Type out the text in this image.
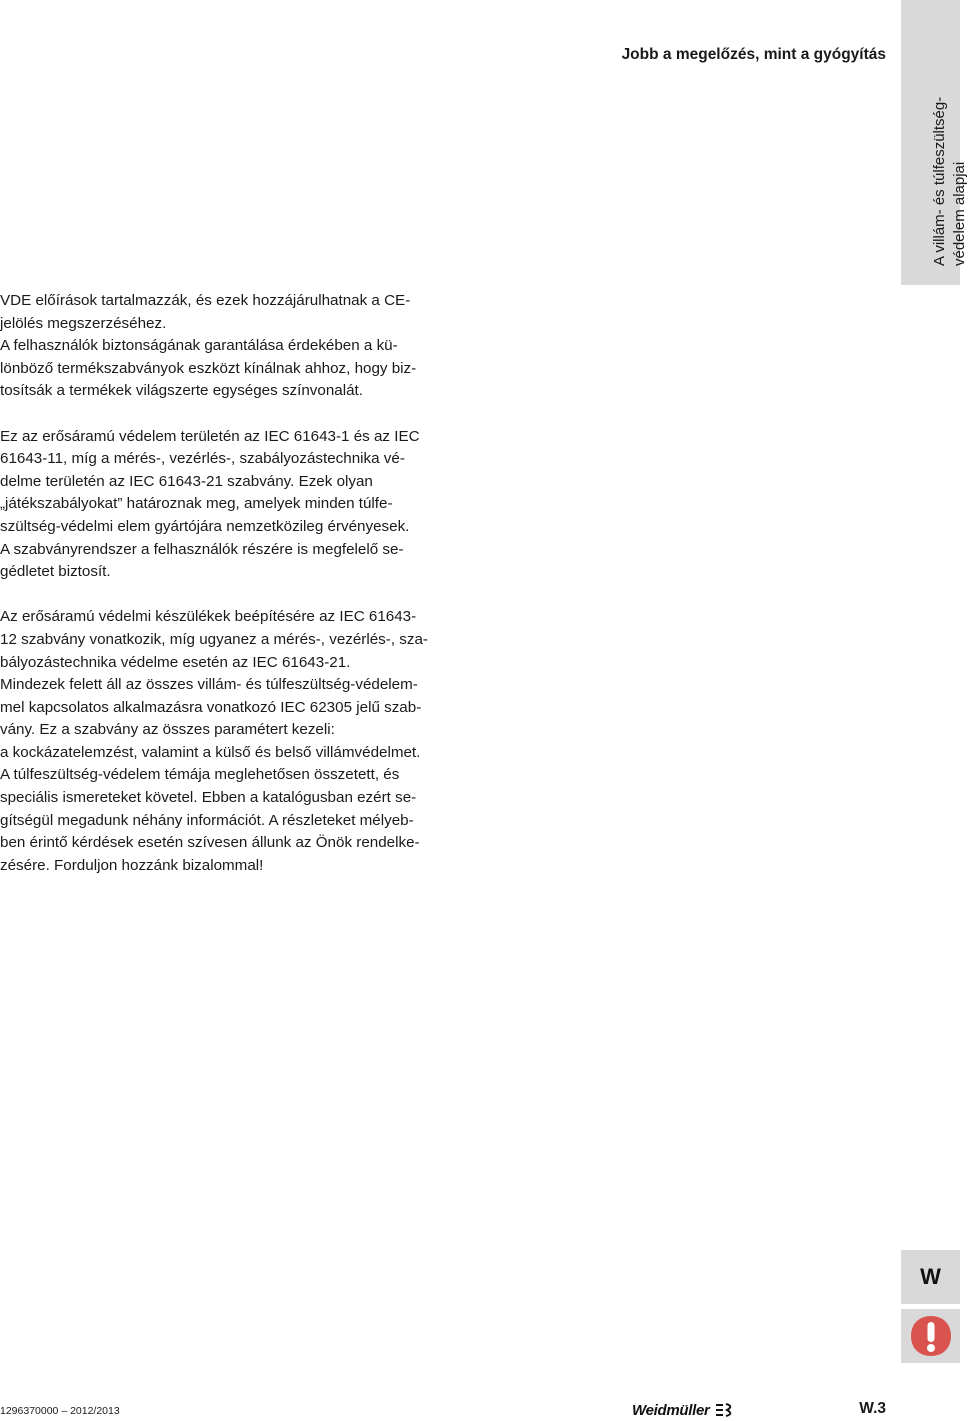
Jobb a megelőzés, mint a gyógyítás
A villám- és túlfeszültség- védelem alapjai

VDE előírások tartalmazzák, és ezek hozzájárulhatnak a CE-
jelölés megszerzéséhez.
A felhasználók biztonságának garantálása érdekében a kü-
lönböző termékszabványok eszközt kínálnak ahhoz, hogy biz-
tosítsák a termékek világszerte egységes színvonalát.

Ez az erősáramú védelem területén az IEC 61643-1 és az IEC
61643-11, míg a mérés-, vezérlés-, szabályozástechnika vé-
delme területén az IEC 61643-21 szabvány. Ezek olyan
„játékszabályokat” határoznak meg, amelyek minden túlfe-
szültség-védelmi elem gyártójára nemzetközileg érvényesek.
A szabványrendszer a felhasználók részére is megfelelő se-
gédletet biztosít.

Az erősáramú védelmi készülékek beépítésére az IEC 61643-
12 szabvány vonatkozik, míg ugyanez a mérés-, vezérlés-, sza-
bályozástechnika védelme esetén az IEC 61643-21.
Mindezek felett áll az összes villám- és túlfeszültség-védelem-
mel kapcsolatos alkalmazásra vonatkozó IEC 62305 jelű szab-
vány. Ez a szabvány az összes paramétert kezeli:
a kockázatelemzést, valamint a külső és belső villámvédelmet.
A túlfeszültség-védelem témája meglehetősen összetett, és
speciális ismereteket követel. Ebben a katalógusban ezért se-
gítségül megadunk néhány információt. A részleteket mélyeb-
ben érintő kérdések esetén szívesen állunk az Önök rendelke-
zésére. Forduljon hozzánk bizalommal!

W
1296370000 – 2012/2013	Weidmüller	W.3
